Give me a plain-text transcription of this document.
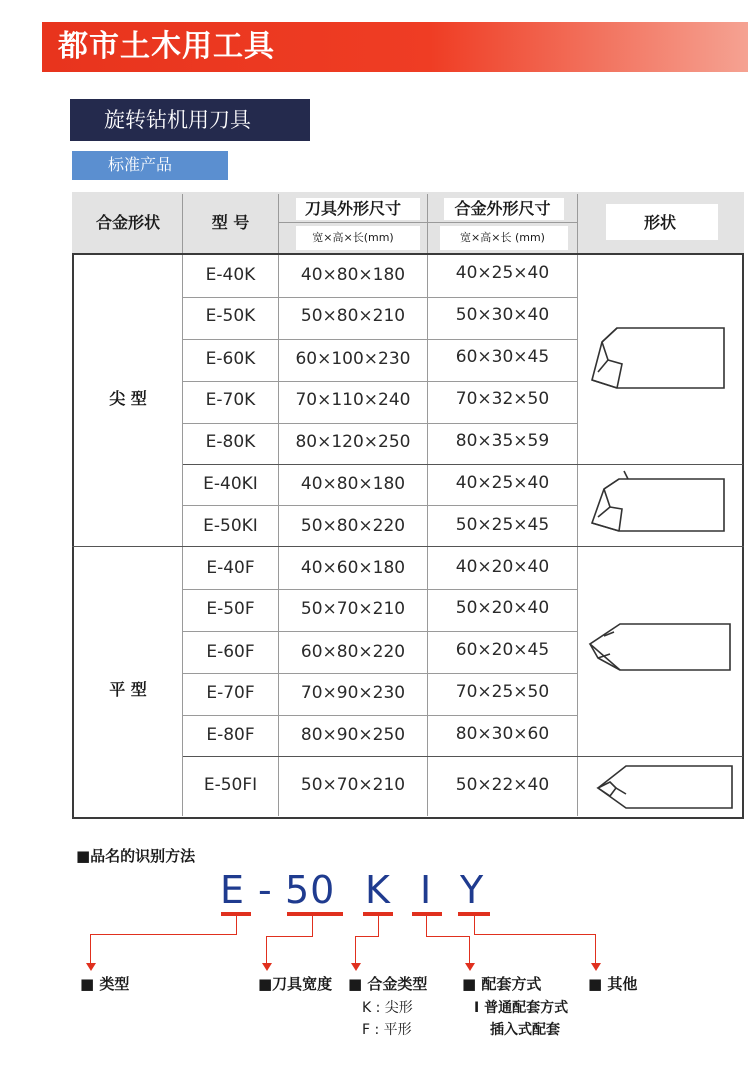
都市土木用工具
旋转钻机用刀具
标准产品
合金形状	型 号
刀具外形尺寸
宽×高×长(mm)
合金外形尺寸
宽×高×长 (mm)
形状
尖 型
平 型
E-40K	40×80×180	40×25×40
E-50K	50×80×210	50×30×40
E-60K	60×100×230	60×30×45
E-70K	70×110×240	70×32×50
E-80K	80×120×250	80×35×59
E-40KI	40×80×180	40×25×40
E-50KI	50×80×220	50×25×45
E-40F	40×60×180	40×20×40
E-50F	50×70×210	50×20×40
E-60F	60×80×220	60×20×45
E-70F	70×90×230	70×25×50
E-80F	80×90×250	80×30×60
E-50FI	50×70×210	50×22×40
■品名的识别方法
E - 50 K I Y
■ 类型	■刀具宽度 ■ 合金类型
K : 尖形
F : 平形
■ 配套方式
I 普通配套方式
插入式配套
■ 其他
